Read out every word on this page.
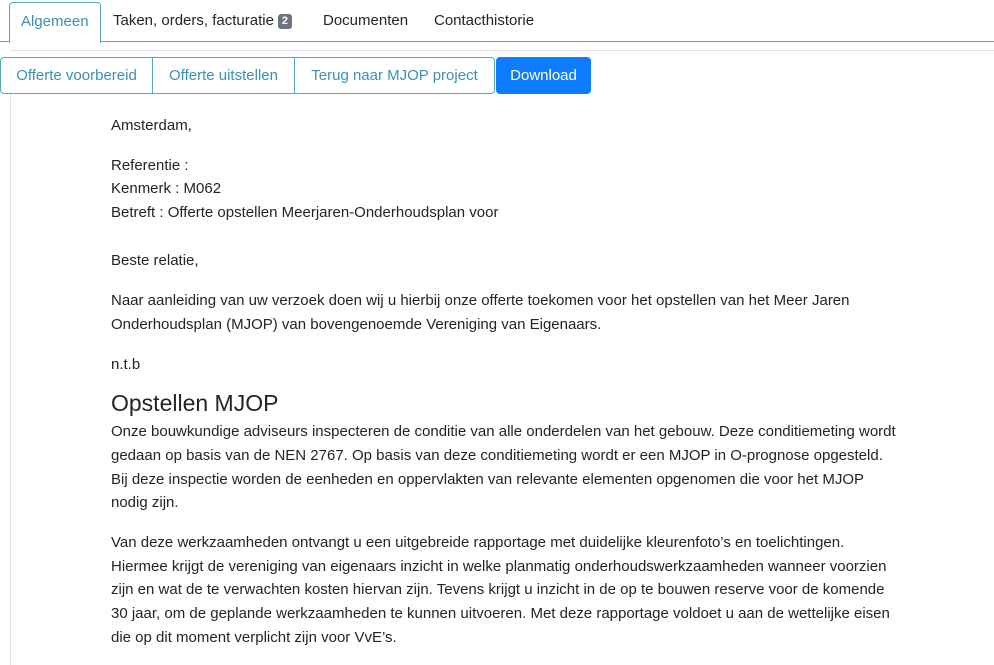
Algemeen	Taken, orders, facturatie 2	Documenten	Contacthistorie
Offerte voorbereid	Offerte uitstellen	Terug naar MJOP project	Download

Amsterdam,

Referentie :

Kenmerk : M062

Betreft : Offerte opstellen Meerjaren-Onderhoudsplan voor

Beste relatie,

Naar aanleiding van uw verzoek doen wij u hierbij onze offerte toekomen voor het opstellen van het Meer Jaren Onderhoudsplan (MJOP) van bovengenoemde Vereniging van Eigenaars.

n.t.b

Opstellen MJOP

Onze bouwkundige adviseurs inspecteren de conditie van alle onderdelen van het gebouw. Deze conditiemeting wordt gedaan op basis van de NEN 2767. Op basis van deze conditiemeting wordt er een MJOP in O-prognose opgesteld. Bij deze inspectie worden de eenheden en oppervlakten van relevante elementen opgenomen die voor het MJOP nodig zijn.

Van deze werkzaamheden ontvangt u een uitgebreide rapportage met duidelijke kleurenfoto’s en toelichtingen. Hiermee krijgt de vereniging van eigenaars inzicht in welke planmatig onderhoudswerkzaamheden wanneer voorzien zijn en wat de te verwachten kosten hiervan zijn. Tevens krijgt u inzicht in de op te bouwen reserve voor de komende 30 jaar, om de geplande werkzaamheden te kunnen uitvoeren. Met deze rapportage voldoet u aan de wettelijke eisen die op dit moment verplicht zijn voor VvE’s.
